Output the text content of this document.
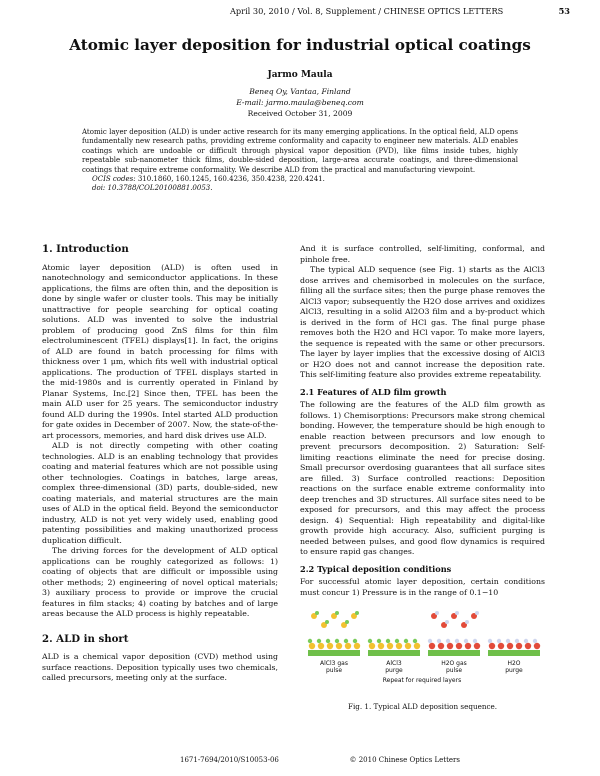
April 30, 2010 / Vol. 8, Supplement / CHINESE OPTICS LETTERS	53
Atomic layer deposition for industrial optical coatings
Jarmo Maula
Beneq Oy, Vantaa, Finland
E-mail: jarmo.maula@beneq.com
Received October 31, 2009
Atomic layer deposition (ALD) is under active research for its many emerging applications. In the optical field, ALD opens fundamentally new research paths, providing extreme conformality and capacity to engineer new materials. ALD enables coatings which are undoable or difficult through physical vapor deposition (PVD), like films inside tubes, highly repeatable sub-nanometer thick films, double-sided deposition, large-area accurate coatings, and three-dimensional coatings that require extreme conformality. We describe ALD from the practical and manufacturing viewpoint.
OCIS codes: 310.1860, 160.1245, 160.4236, 350.4238, 220.4241.
doi: 10.3788/COL20100881.0053.
1. Introduction

Atomic layer deposition (ALD) is often used in nanotechnology and semiconductor applications. In these applications, the films are often thin, and the deposition is done by single wafer or cluster tools. This may be initially unattractive for people searching for optical coating solutions. ALD was invented to solve the industrial problem of producing good ZnS films for thin film electroluminescent (TFEL) displays[1]. In fact, the origins of ALD are found in batch processing for films with thickness over 1 μm, which fits well with industrial optical applications. The production of TFEL displays started in the mid-1980s and is currently operated in Finland by Planar Systems, Inc.[2] Since then, TFEL has been the main ALD user for 25 years. The semiconductor industry found ALD during the 1990s. Intel started ALD production for gate oxides in December of 2007. Now, the state-of-the-art processors, memories, and hard disk drives use ALD.

ALD is not directly competing with other coating technologies. ALD is an enabling technology that provides coating and material features which are not possible using other technologies. Coatings in batches, large areas, complex three-dimensional (3D) parts, double-sided, new coating materials, and material structures are the main uses of ALD in the optical field. Beyond the semiconductor industry, ALD is not yet very widely used, enabling good patenting possibilities and making unauthorized process duplication difficult.

The driving forces for the development of ALD optical applications can be roughly categorized as follows: 1) coating of objects that are difficult or impossible using other methods; 2) engineering of novel optical materials; 3) auxiliary process to provide or improve the crucial features in film stacks; 4) coating by batches and of large areas because the ALD process is highly repeatable.

2. ALD in short

ALD is a chemical vapor deposition (CVD) method using surface reactions. Deposition typically uses two chemicals, called precursors, meeting only at the surface.

And it is surface controlled, self-limiting, conformal, and pinhole free.

The typical ALD sequence (see Fig. 1) starts as the AlCl3 dose arrives and chemisorbed in molecules on the surface, filling all the surface sites; then the purge phase removes the AlCl3 vapor; subsequently the H2O dose arrives and oxidizes AlCl3, resulting in a solid Al2O3 film and a by-product which is derived in the form of HCl gas. The final purge phase removes both the H2O and HCl vapor. To make more layers, the sequence is repeated with the same or other precursors. The layer by layer implies that the excessive dosing of AlCl3 or H2O does not and cannot increase the deposition rate. This self-limiting feature also provides extreme repeatability.

2.1 Features of ALD film growth

The following are the features of the ALD film growth as follows. 1) Chemisorptions: Precursors make strong chemical bonding. However, the temperature should be high enough to enable reaction between precursors and low enough to prevent precursors decomposition. 2) Saturation: Self-limiting reactions eliminate the need for precise dosing. Small precursor overdosing guarantees that all surface sites are filled. 3) Surface controlled reactions: Deposition reactions on the surface enable extreme conformality into deep trenches and 3D structures. All surface sites need to be exposed for precursors, and this may affect the process design. 4) Sequential: High repeatability and digital-like growth provide high accuracy. Also, sufficient purging is needed between pulses, and good flow dynamics is required to ensure rapid gas changes.

2.2 Typical deposition conditions

For successful atomic layer deposition, certain conditions must concur 1) Pressure is in the range of 0.1−10

AlCl3 gas
pulse
AlCl3
purge
H2O gas
pulse
H2O
purge
Repeat for required layers
Fig. 1. Typical ALD deposition sequence.
1671-7694/2010/S10053-06	© 2010 Chinese Optics Letters
